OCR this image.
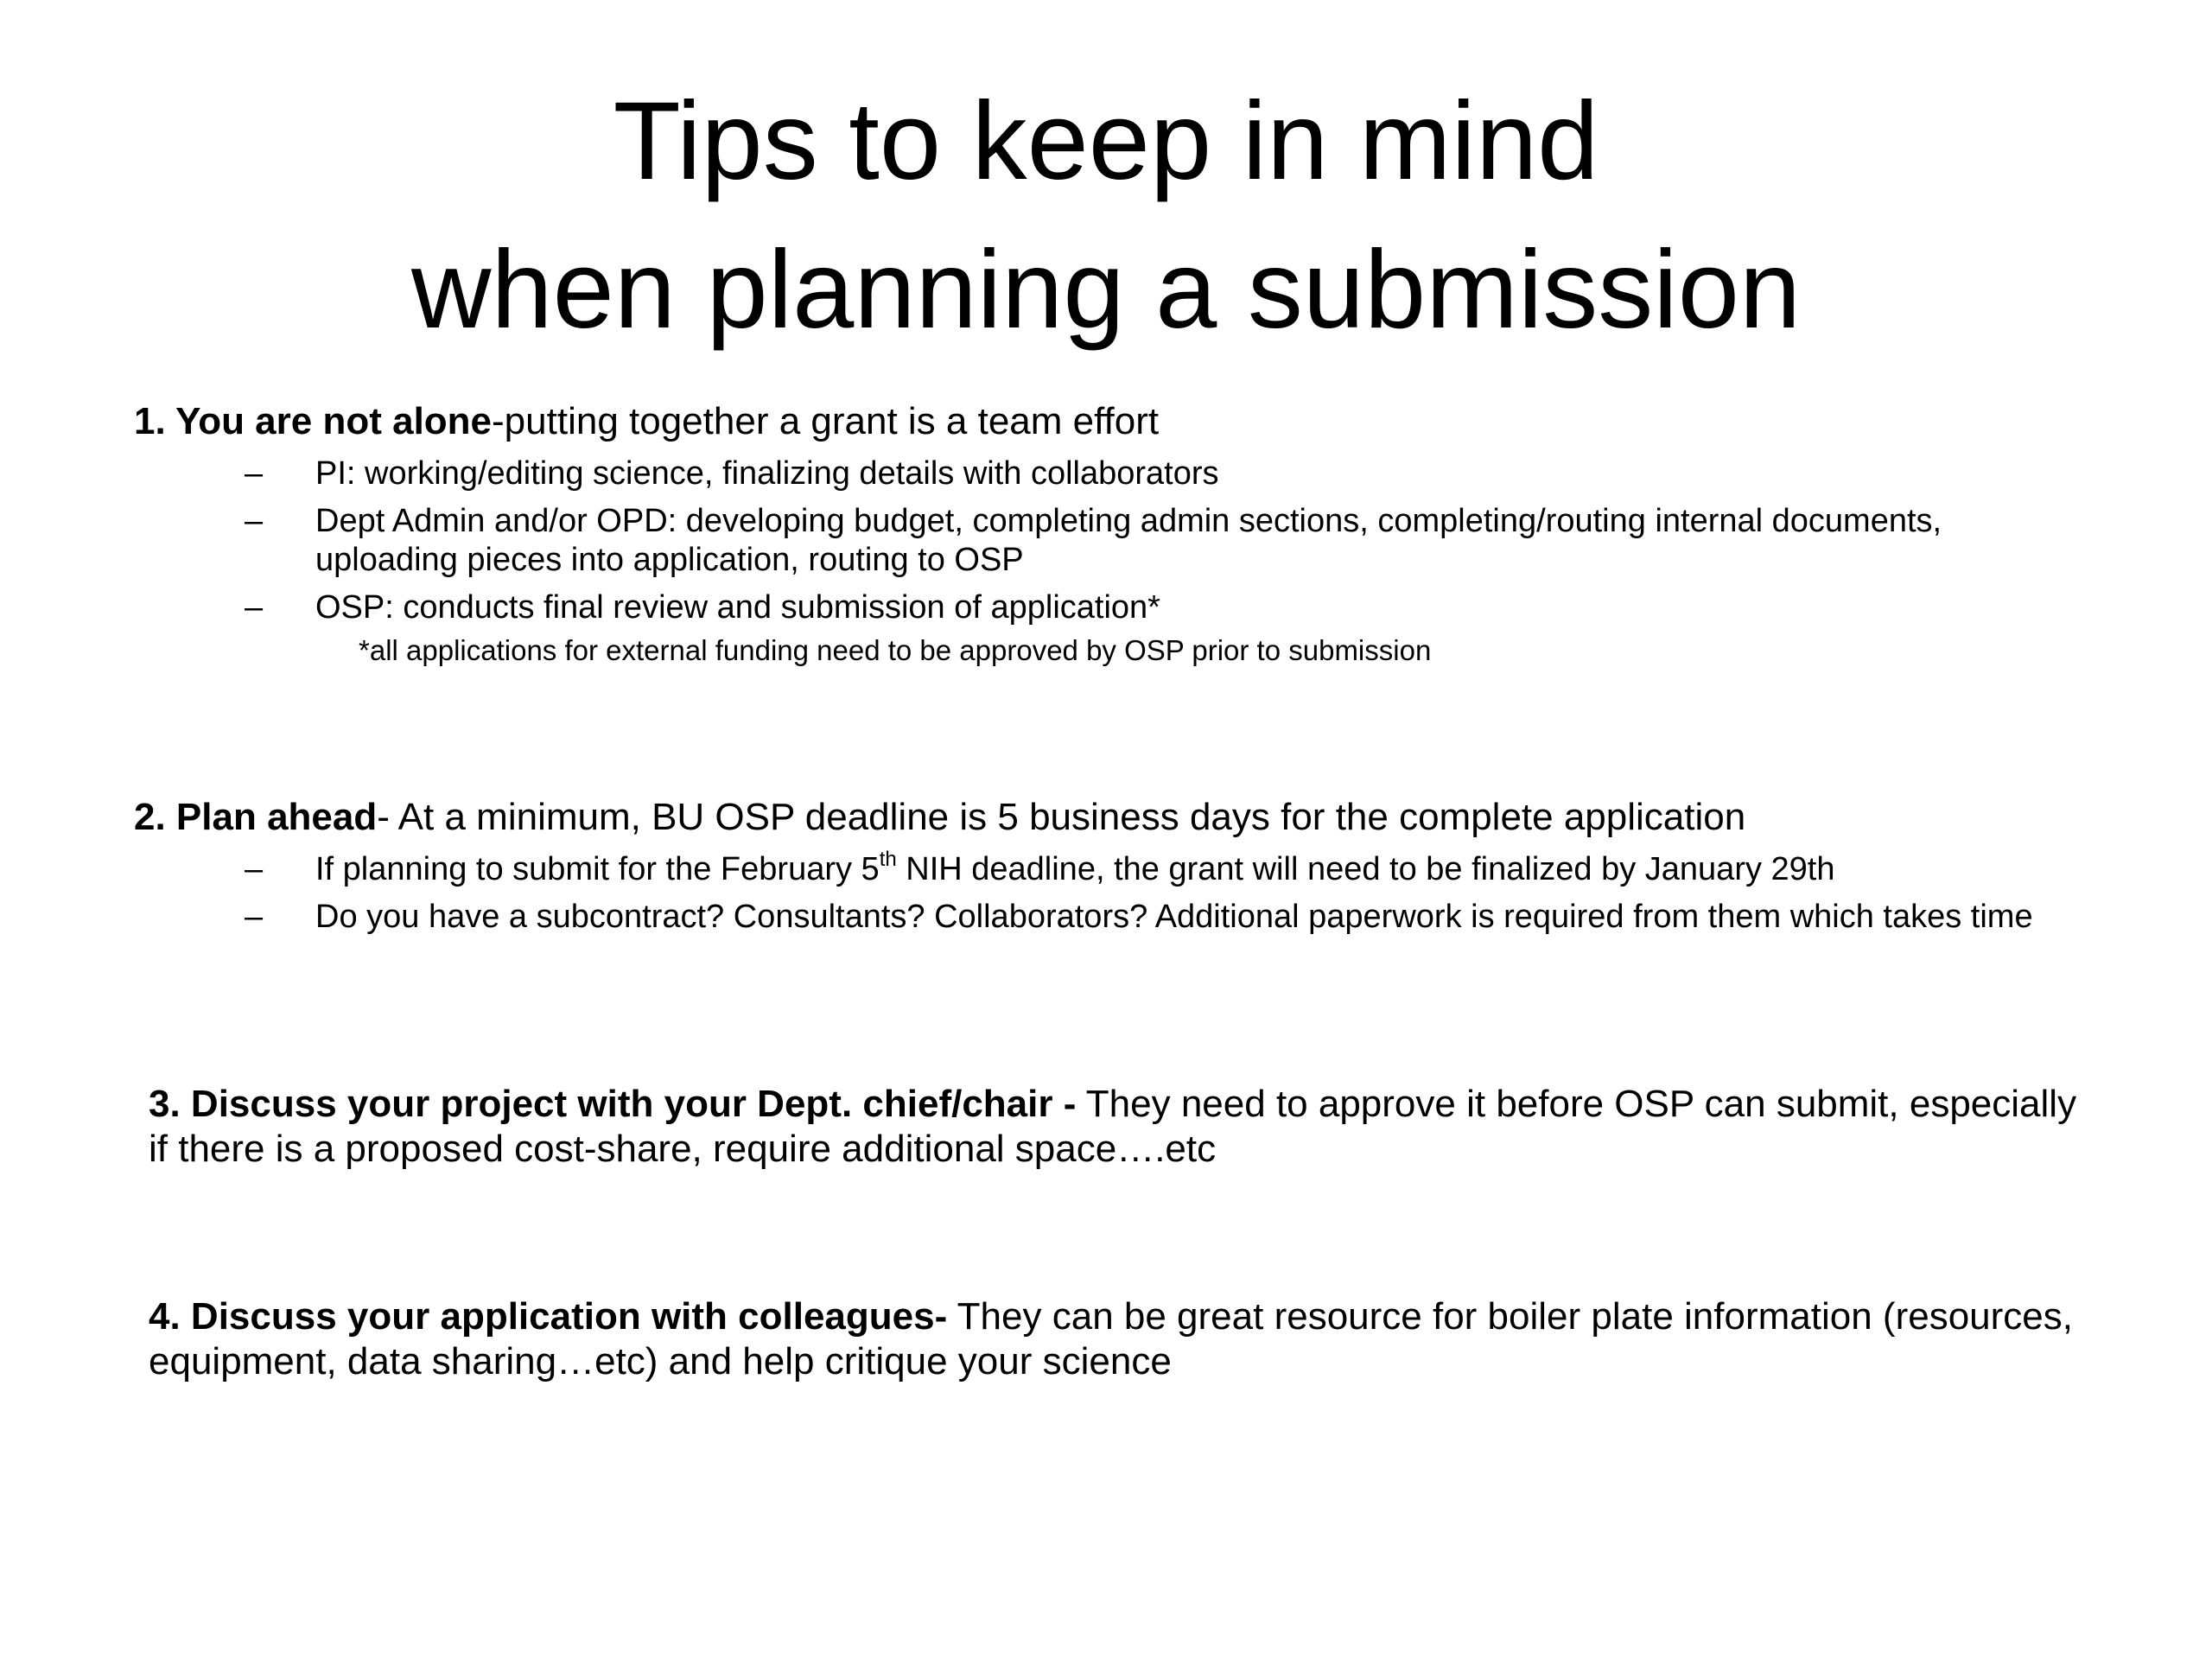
Tips to keep in mind
when planning a submission
1. You are not alone-putting together a grant is a team effort
– PI: working/editing science, finalizing details with collaborators
– Dept Admin and/or OPD: developing budget, completing admin sections, completing/routing internal documents, uploading pieces into application, routing to OSP
– OSP: conducts final review and submission of application*
*all applications for external funding need to be approved by OSP prior to submission
2. Plan ahead- At a minimum, BU OSP deadline is 5 business days for the complete application
– If planning to submit for the February 5th NIH deadline, the grant will need to be finalized by January 29th
– Do you have a subcontract? Consultants? Collaborators? Additional paperwork is required from them which takes time
3. Discuss your project with your Dept. chief/chair - They need to approve it before OSP can submit, especially if there is a proposed cost-share, require additional space….etc
4. Discuss your application with colleagues- They can be great resource for boiler plate information (resources, equipment, data sharing…etc) and help critique your science
